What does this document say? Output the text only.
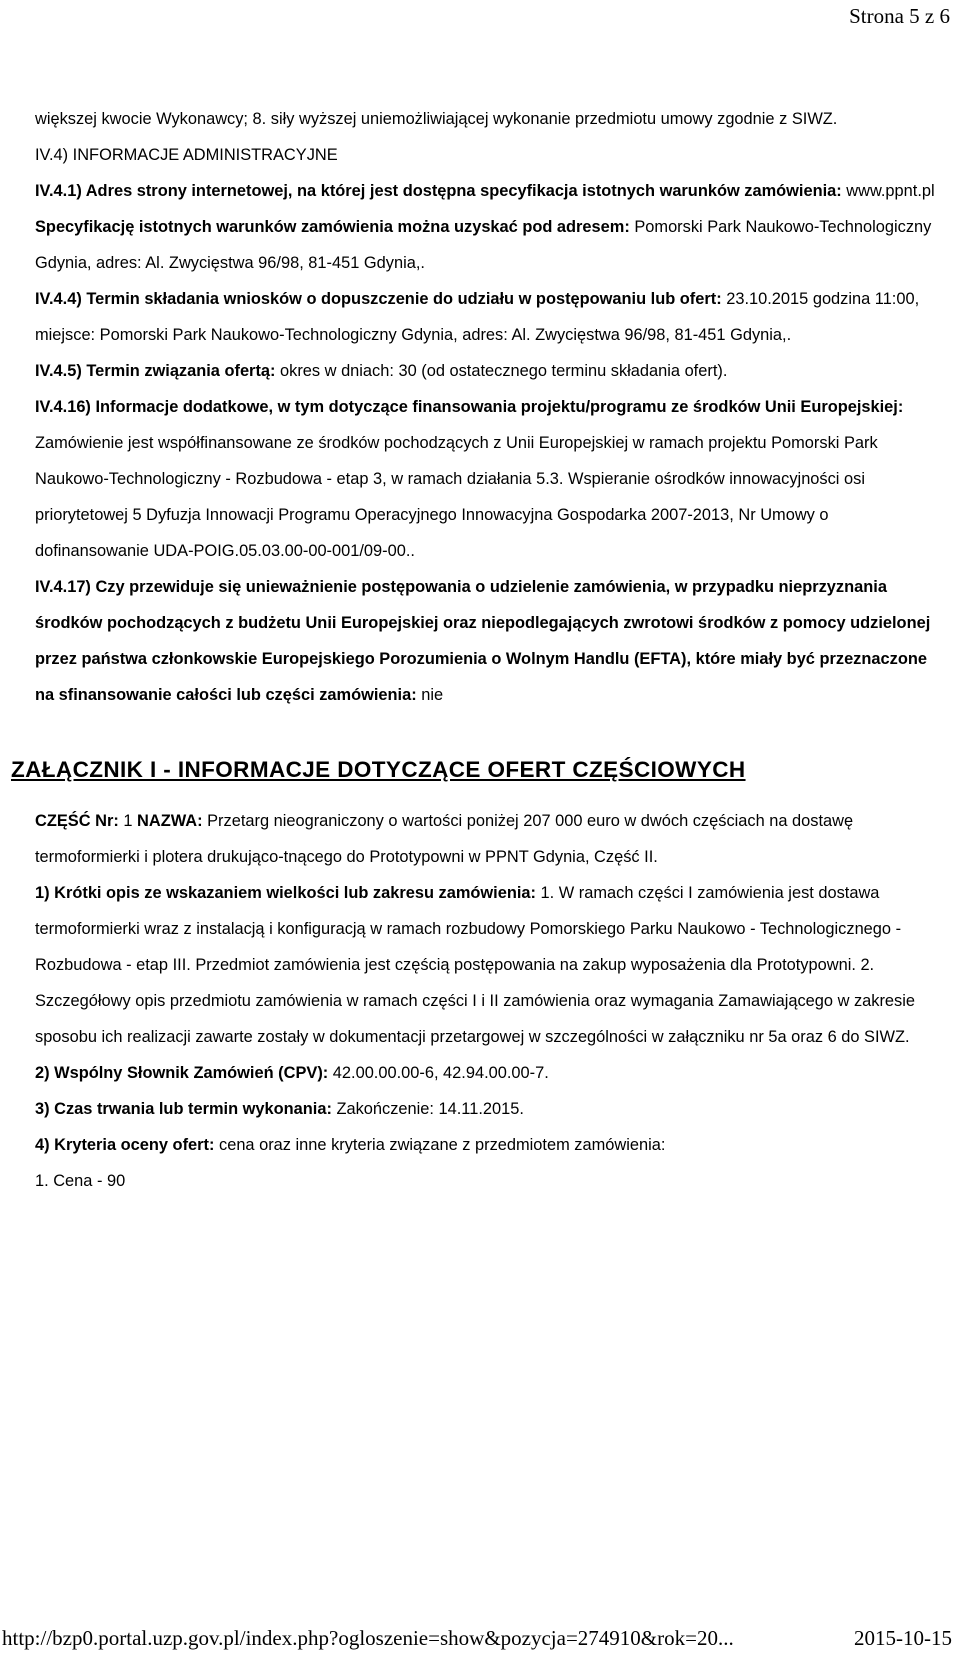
Strona 5 z 6

większej kwocie Wykonawcy; 8. siły wyższej uniemożliwiającej wykonanie przedmiotu umowy zgodnie z SIWZ.

IV.4) INFORMACJE ADMINISTRACYJNE

IV.4.1) Adres strony internetowej, na której jest dostępna specyfikacja istotnych warunków zamówienia: www.ppnt.pl

Specyfikację istotnych warunków zamówienia można uzyskać pod adresem: Pomorski Park Naukowo-Technologiczny Gdynia, adres: Al. Zwycięstwa 96/98, 81-451 Gdynia,.

IV.4.4) Termin składania wniosków o dopuszczenie do udziału w postępowaniu lub ofert: 23.10.2015 godzina 11:00, miejsce: Pomorski Park Naukowo-Technologiczny Gdynia, adres: Al. Zwycięstwa 96/98, 81-451 Gdynia,.

IV.4.5) Termin związania ofertą: okres w dniach: 30 (od ostatecznego terminu składania ofert).

IV.4.16) Informacje dodatkowe, w tym dotyczące finansowania projektu/programu ze środków Unii Europejskiej: Zamówienie jest współfinansowane ze środków pochodzących z Unii Europejskiej w ramach projektu Pomorski Park Naukowo-Technologiczny - Rozbudowa - etap 3, w ramach działania 5.3. Wspieranie ośrodków innowacyjności osi priorytetowej 5 Dyfuzja Innowacji Programu Operacyjnego Innowacyjna Gospodarka 2007-2013, Nr Umowy o dofinansowanie UDA-POIG.05.03.00-00-001/09-00..

IV.4.17) Czy przewiduje się unieważnienie postępowania o udzielenie zamówienia, w przypadku nieprzyznania środków pochodzących z budżetu Unii Europejskiej oraz niepodlegających zwrotowi środków z pomocy udzielonej przez państwa członkowskie Europejskiego Porozumienia o Wolnym Handlu (EFTA), które miały być przeznaczone na sfinansowanie całości lub części zamówienia: nie

ZAŁĄCZNIK I - INFORMACJE DOTYCZĄCE OFERT CZĘŚCIOWYCH

CZĘŚĆ Nr: 1 NAZWA: Przetarg nieograniczony o wartości poniżej 207 000 euro w dwóch częściach na dostawę termoformierki i plotera drukująco-tnącego do Prototypowni w PPNT Gdynia, Część II.

1) Krótki opis ze wskazaniem wielkości lub zakresu zamówienia: 1. W ramach części I zamówienia jest dostawa termoformierki wraz z instalacją i konfiguracją w ramach rozbudowy Pomorskiego Parku Naukowo - Technologicznego - Rozbudowa - etap III. Przedmiot zamówienia jest częścią postępowania na zakup wyposażenia dla Prototypowni. 2. Szczegółowy opis przedmiotu zamówienia w ramach części I i II zamówienia oraz wymagania Zamawiającego w zakresie sposobu ich realizacji zawarte zostały w dokumentacji przetargowej w szczególności w załączniku nr 5a oraz 6 do SIWZ.

2) Wspólny Słownik Zamówień (CPV): 42.00.00.00-6, 42.94.00.00-7.

3) Czas trwania lub termin wykonania: Zakończenie: 14.11.2015.

4) Kryteria oceny ofert: cena oraz inne kryteria związane z przedmiotem zamówienia:

1. Cena - 90

http://bzp0.portal.uzp.gov.pl/index.php?ogloszenie=show&pozycja=274910&rok=20...	2015-10-15
